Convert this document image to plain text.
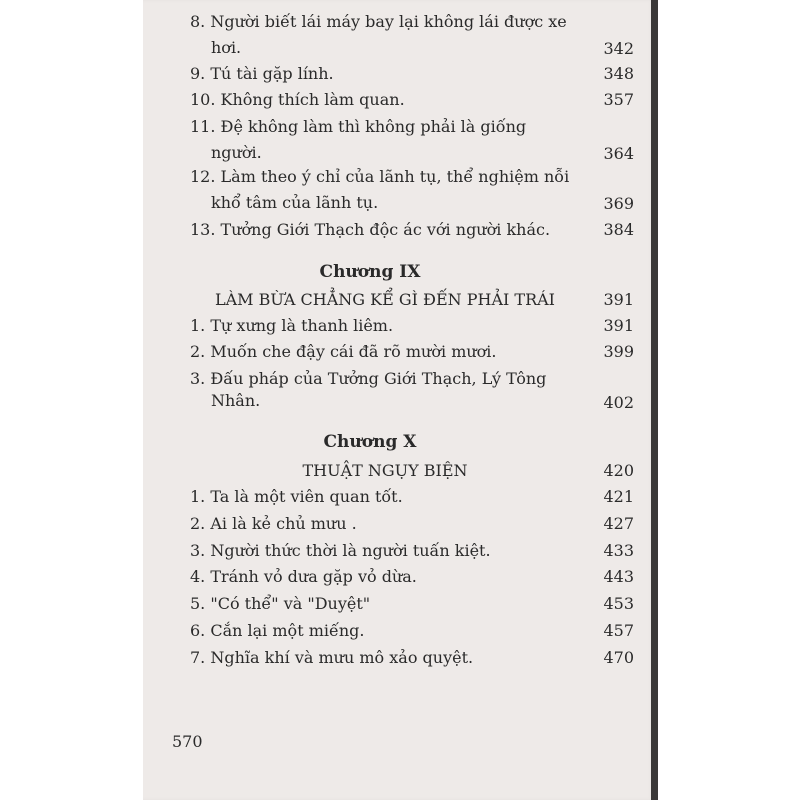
8. Người biết lái máy bay lại không lái được xe
hơi.	342
9. Tú tài gặp lính.	348
10. Không thích làm quan.	357
11. Đệ không làm thì không phải là giống
người.	364
12. Làm theo ý chỉ của lãnh tụ, thể nghiệm nỗi
khổ tâm của lãnh tụ.	369
13. Tưởng Giới Thạch độc ác với người khác.	384
Chương IX
LÀM BỪA CHẲNG KỂ GÌ ĐẾN PHẢI TRÁI	391
1. Tự xưng là thanh liêm.	391
2. Muốn che đậy cái đã rõ mười mươi.	399
3. Đấu pháp của Tưởng Giới Thạch, Lý Tông
Nhân.	402
Chương X
THUẬT NGỤY BIỆN	420
1. Ta là một viên quan tốt.	421
2. Ai là kẻ chủ mưu .	427
3. Người thức thời là người tuấn kiệt.	433
4. Tránh vỏ dưa gặp vỏ dừa.	443
5. "Có thể" và "Duyệt"	453
6. Cắn lại một miếng.	457
7. Nghĩa khí và mưu mô xảo quyệt.	470
570
